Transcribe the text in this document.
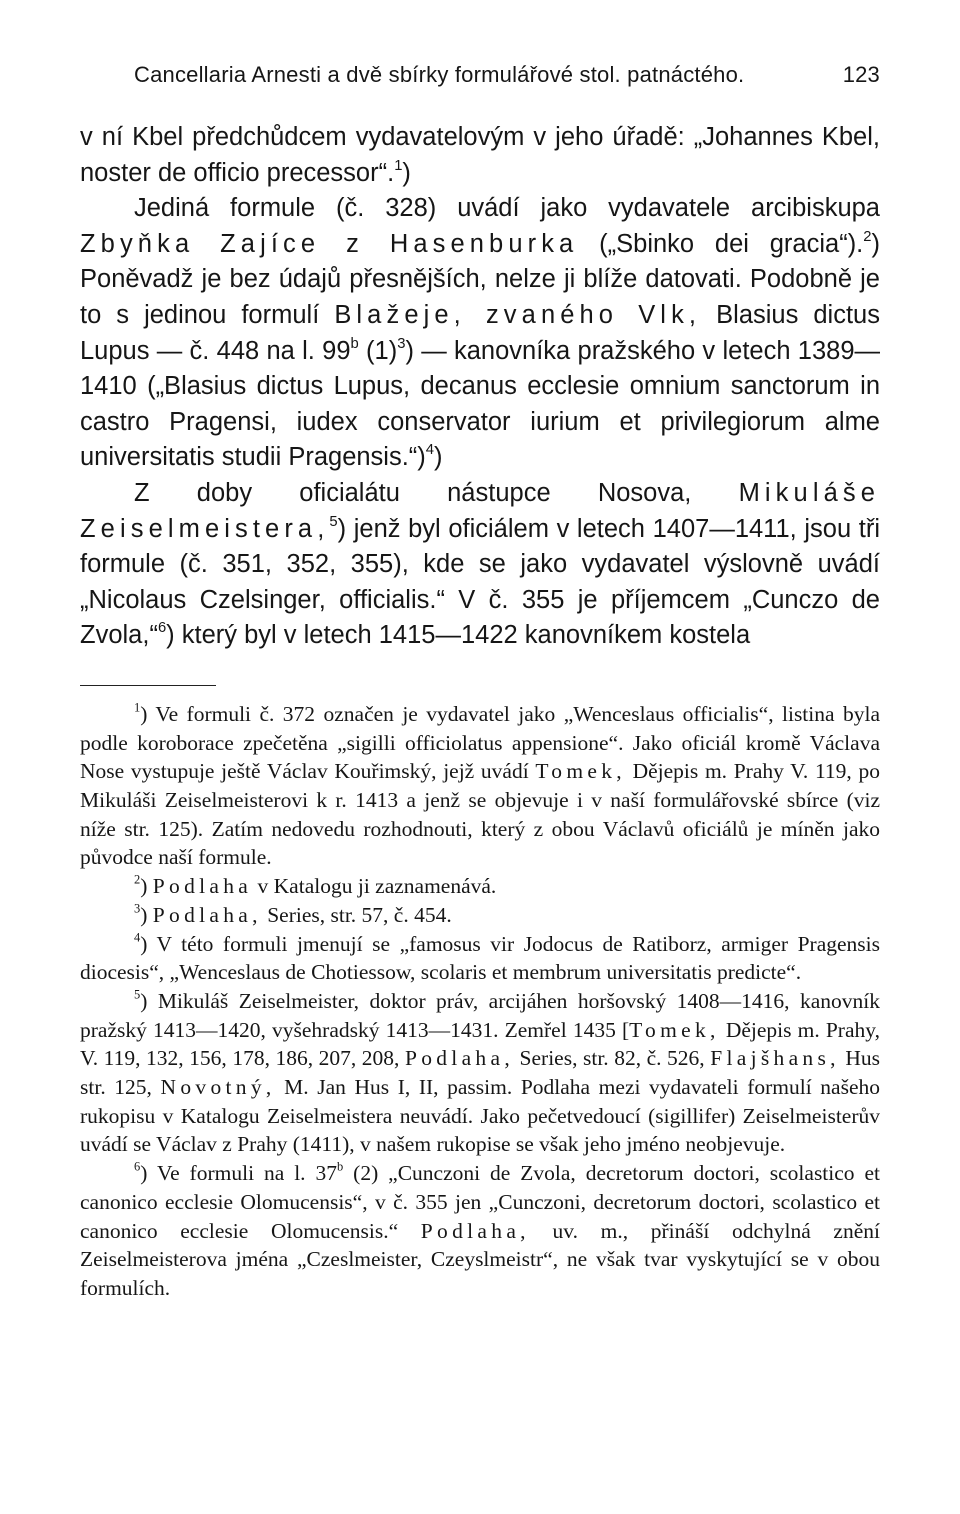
Cancellaria Arnesti a dvě sbírky formulářové stol. patnáctého.	123

v ní Kbel předchůdcem vydavatelovým v jeho úřadě: „Johannes Kbel, noster de officio precessor“.$^1$)

Jediná formule (č. 328) uvádí jako vydavatele arcibiskupa Zbyňka Zajíce z Hasenburka („Sbinko dei gracia“).$^2$) Poněvadž je bez údajů přesnějších, nelze ji blíže datovati. Podobně je to s jedinou formulí Blažeje, zvaného Vlk, Blasius dictus Lupus — č. 448 na l. 99$^b$ $(1)^3$) — kanovníka pražského v letech 1389—1410 („Blasius dictus Lupus, decanus ecclesie omnium sanctorum in castro Pragensi, iudex conservator iurium et privilegiorum alme universitatis studii Pragensis.“)$^4$)

Z doby oficialátu nástupce Nosova, Mikuláše Zeiselmeistera,$^5$) jenž byl oficiálem v letech 1407—1411, jsou tři formule (č. 351, 352, 355), kde se jako vydavatel výslovně uvádí „Nicolaus Czelsinger, officialis.“ V č. 355 je příjemcem „Cunczo de Zvola,“$^6$) který byl v letech 1415—1422 kanovníkem kostela

$^1$) Ve formuli č. 372 označen je vydavatel jako „Wenceslaus officialis“, listina byla podle koroborace zpečetěna „sigilli officiolatus appensione“. Jako oficiál kromě Václava Nose vystupuje ještě Václav Kouřimský, jejž uvádí Tomek, Dějepis m. Prahy V. 119, po Mikuláši Zeiselmeisterovi k r. 1413 a jenž se objevuje i v naší formulářovské sbírce (viz níže str. 125). Zatím nedovedu rozhodnouti, který z obou Václavů oficiálů je míněn jako původce naší formule.

$^2$) Podlaha v Katalogu ji zaznamenává.

$^3$) Podlaha, Series, str. 57, č. 454.

$^4$) V této formuli jmenují se „famosus vir Jodocus de Ratiborz, armiger Pragensis diocesis“, „Wenceslaus de Chotiessow, scolaris et membrum universitatis predicte“.

$^5$) Mikuláš Zeiselmeister, doktor práv, arcijáhen horšovský 1408—1416, kanovník pražský 1413—1420, vyšehradský 1413—1431. Zemřel 1435 [Tomek, Dějepis m. Prahy, V. 119, 132, 156, 178, 186, 207, 208, Podlaha, Series, str. 82, č. 526, Flajšhans, Hus str. 125, Novotný, M. Jan Hus I, II, passim. Podlaha mezi vydavateli formulí našeho rukopisu v Katalogu Zeiselmeistera neuvádí. Jako pečetvedoucí (sigillifer) Zeiselmeisterův uvádí se Václav z Prahy (1411), v našem rukopise se však jeho jméno neobjevuje.

$^6$) Ve formuli na l. 37$^b$ (2) „Cunczoni de Zvola, decretorum doctori, scolastico et canonico ecclesie Olomucensis“, v č. 355 jen „Cunczoni, decretorum doctori, scolastico et canonico ecclesie Olomucensis.“ Podlaha, uv. m., přináší odchylná znění Zeiselmeisterova jména „Czeslmeister, Czeyslmeistr“, ne však tvar vyskytující se v obou formulích.
